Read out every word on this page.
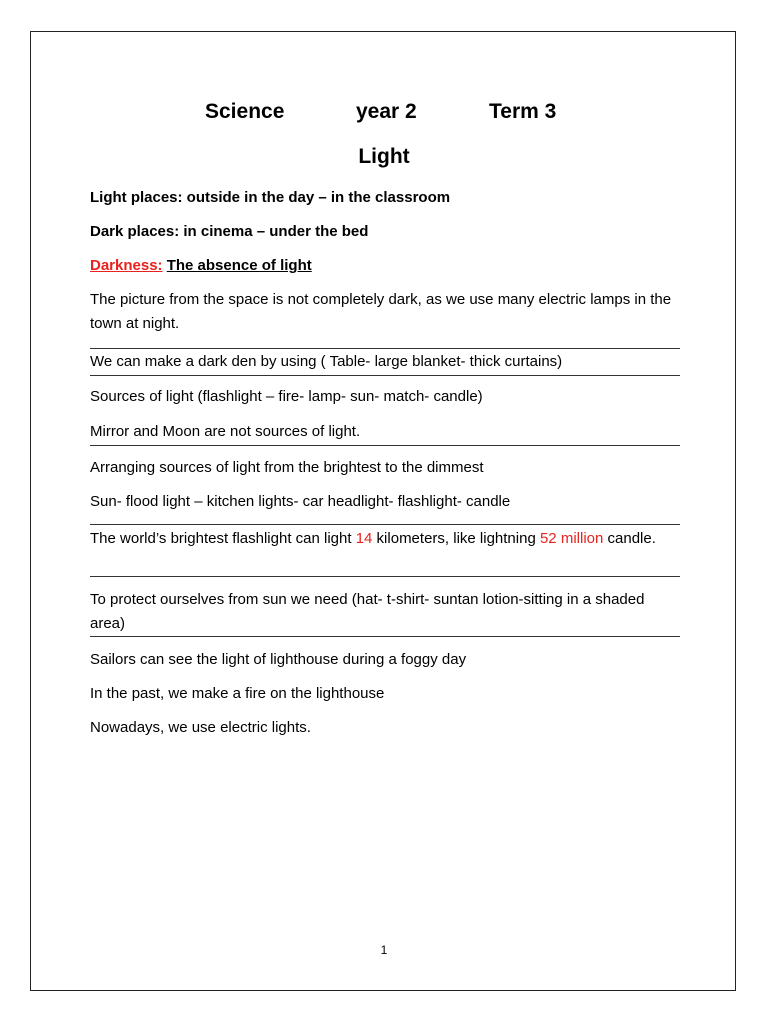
Science	year 2	Term 3
Light
Light places: outside in the day – in the classroom
Dark places: in cinema – under the bed
Darkness: The absence of light
The picture from the space is not completely dark, as we use many electric lamps in the town at night.
We can make a dark den by using ( Table- large blanket- thick curtains)
Sources of light (flashlight – fire- lamp- sun- match- candle)
Mirror and Moon are not sources of light.
Arranging sources of light from the brightest to the dimmest
Sun- flood light – kitchen lights- car headlight- flashlight- candle
The world’s brightest flashlight can light 14 kilometers, like lightning 52 million candle.
To protect ourselves from sun we need (hat- t-shirt- suntan lotion-sitting in a shaded area)
Sailors can see the light of lighthouse during a foggy day
In the past, we make a fire on the lighthouse
Nowadays, we use electric lights.
1
